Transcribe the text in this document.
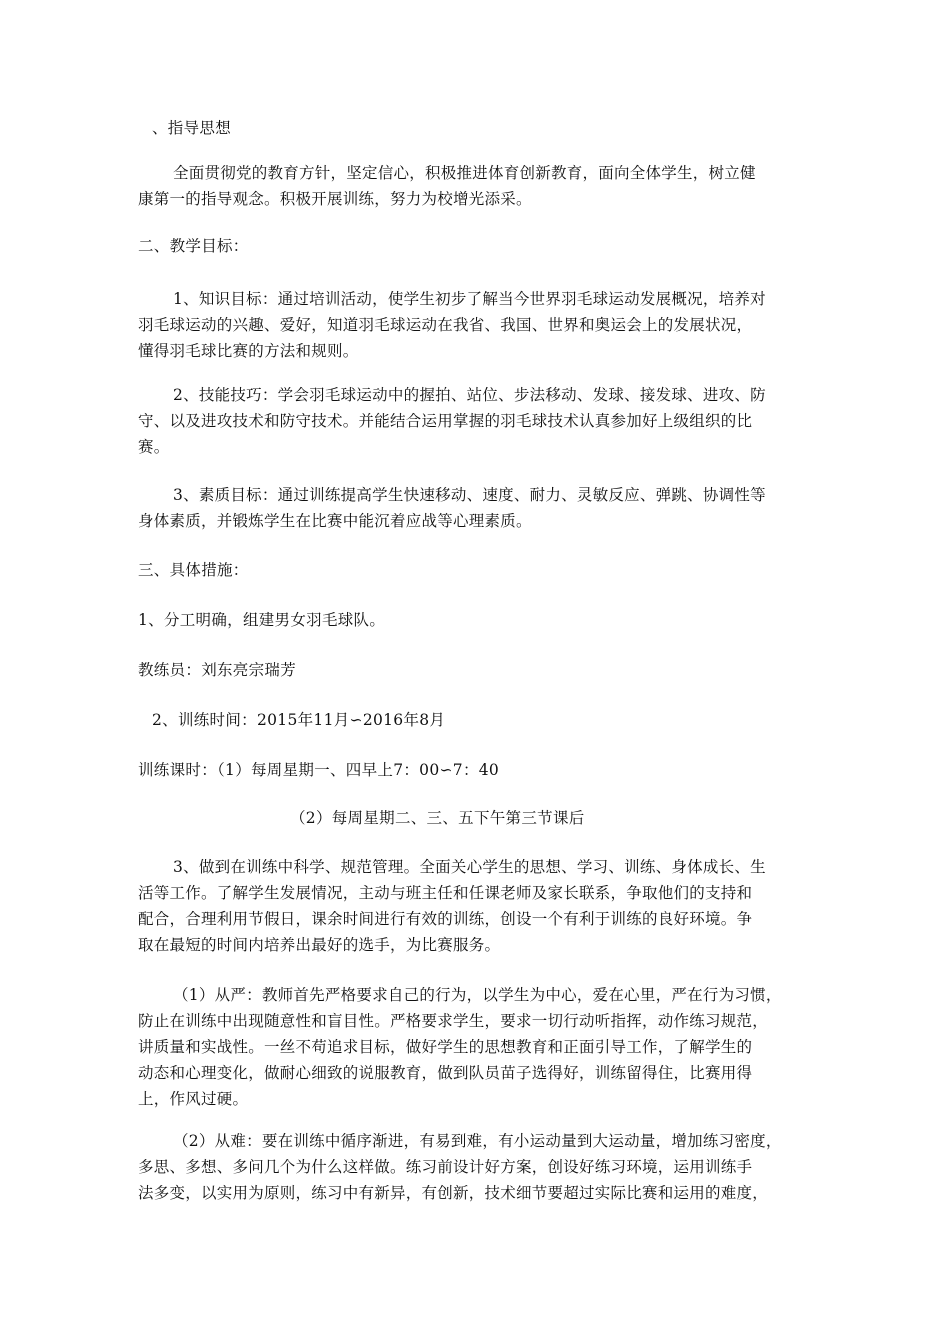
、指导思想
全面贯彻党的教育方针，坚定信心，积极推进体育创新教育，面向全体学生，树立健
康第一的指导观念。积极开展训练，努力为校增光添采。
二、教学目标：
1、知识目标：通过培训活动，使学生初步了解当今世界羽毛球运动发展概况，培养对
羽毛球运动的兴趣、爱好，知道羽毛球运动在我省、我国、世界和奥运会上的发展状况，
懂得羽毛球比赛的方法和规则。
2、技能技巧：学会羽毛球运动中的握拍、站位、步法移动、发球、接发球、进攻、防
守、以及进攻技术和防守技术。并能结合运用掌握的羽毛球技术认真参加好上级组织的比
赛。
3、素质目标：通过训练提高学生快速移动、速度、耐力、灵敏反应、弹跳、协调性等
身体素质，并锻炼学生在比赛中能沉着应战等心理素质。
三、具体措施：
1、分工明确，组建男女羽毛球队。
教练员：刘东亮宗瑞芳
2、训练时间：2015年11月∽2016年8月
训练课时：（1）每周星期一、四早上7：00∽7：40
（2）每周星期二、三、五下午第三节课后
3、做到在训练中科学、规范管理。全面关心学生的思想、学习、训练、身体成长、生
活等工作。了解学生发展情况，主动与班主任和任课老师及家长联系，争取他们的支持和
配合，合理利用节假日，课余时间进行有效的训练，创设一个有利于训练的良好环境。争
取在最短的时间内培养出最好的选手，为比赛服务。
（1）从严：教师首先严格要求自己的行为，以学生为中心，爱在心里，严在行为习惯，
防止在训练中出现随意性和盲目性。严格要求学生，要求一切行动听指挥，动作练习规范，
讲质量和实战性。一丝不苟追求目标，做好学生的思想教育和正面引导工作，了解学生的
动态和心理变化，做耐心细致的说服教育，做到队员苗子选得好，训练留得住，比赛用得
上，作风过硬。
（2）从难：要在训练中循序渐进，有易到难，有小运动量到大运动量，增加练习密度，
多思、多想、多问几个为什么这样做。练习前设计好方案，创设好练习环境，运用训练手
法多变，以实用为原则，练习中有新异，有创新，技术细节要超过实际比赛和运用的难度，
